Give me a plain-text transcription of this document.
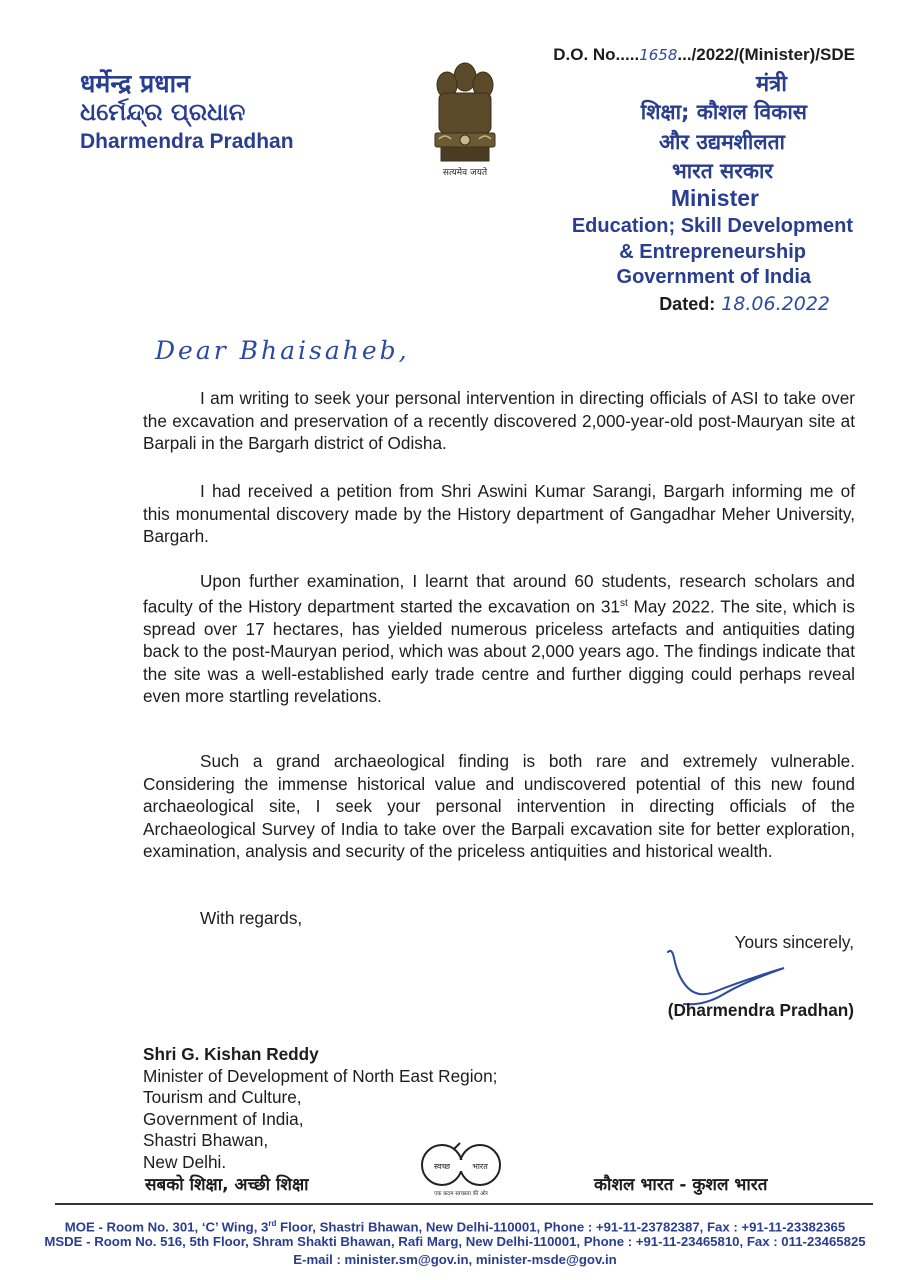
धर्मेन्द्र प्रधान
ଧର୍ମେନ୍ଦ୍ର ପ୍ରଧାନ
Dharmendra Pradhan
सत्यमेव जयते
D.O. No.....1658.../2022/(Minister)/SDE
मंत्री
शिक्षा; कौशल विकास
और उद्यमशीलता
भारत सरकार
Minister
Education; Skill Development
& Entrepreneurship
Government of India
Dated: 18.06.2022
Dear Bhaisaheb,

I am writing to seek your personal intervention in directing officials of ASI to take over the excavation and preservation of a recently discovered 2,000-year-old post-Mauryan site at Barpali in the Bargarh district of Odisha.

I had received a petition from Shri Aswini Kumar Sarangi, Bargarh informing me of this monumental discovery made by the History department of Gangadhar Meher University, Bargarh.

Upon further examination, I learnt that around 60 students, research scholars and faculty of the History department started the excavation on 31st May 2022. The site, which is spread over 17 hectares, has yielded numerous priceless artefacts and antiquities dating back to the post-Mauryan period, which was about 2,000 years ago. The findings indicate that the site was a well-established early trade centre and further digging could perhaps reveal even more startling revelations.

Such a grand archaeological finding is both rare and extremely vulnerable. Considering the immense historical value and undiscovered potential of this new found archaeological site, I seek your personal intervention in directing officials of the Archaeological Survey of India to take over the Barpali excavation site for better exploration, examination, analysis and security of the priceless antiquities and historical wealth.

With regards,
Yours sincerely,
(Dharmendra Pradhan)
Shri G. Kishan Reddy
Minister of Development of North East Region;
Tourism and Culture,
Government of India,
Shastri Bhawan,
New Delhi.
सबको शिक्षा, अच्छी शिक्षा
स्वच्छ	भारत
एक कदम स्वच्छता की ओर	कौशल भारत - कुशल भारत
MOE - Room No. 301, ‘C’ Wing, 3rd Floor, Shastri Bhawan, New Delhi-110001, Phone : +91-11-23782387, Fax : +91-11-23382365
MSDE - Room No. 516, 5th Floor, Shram Shakti Bhawan, Rafi Marg, New Delhi-110001, Phone : +91-11-23465810, Fax : 011-23465825
E-mail : minister.sm@gov.in, minister-msde@gov.in
